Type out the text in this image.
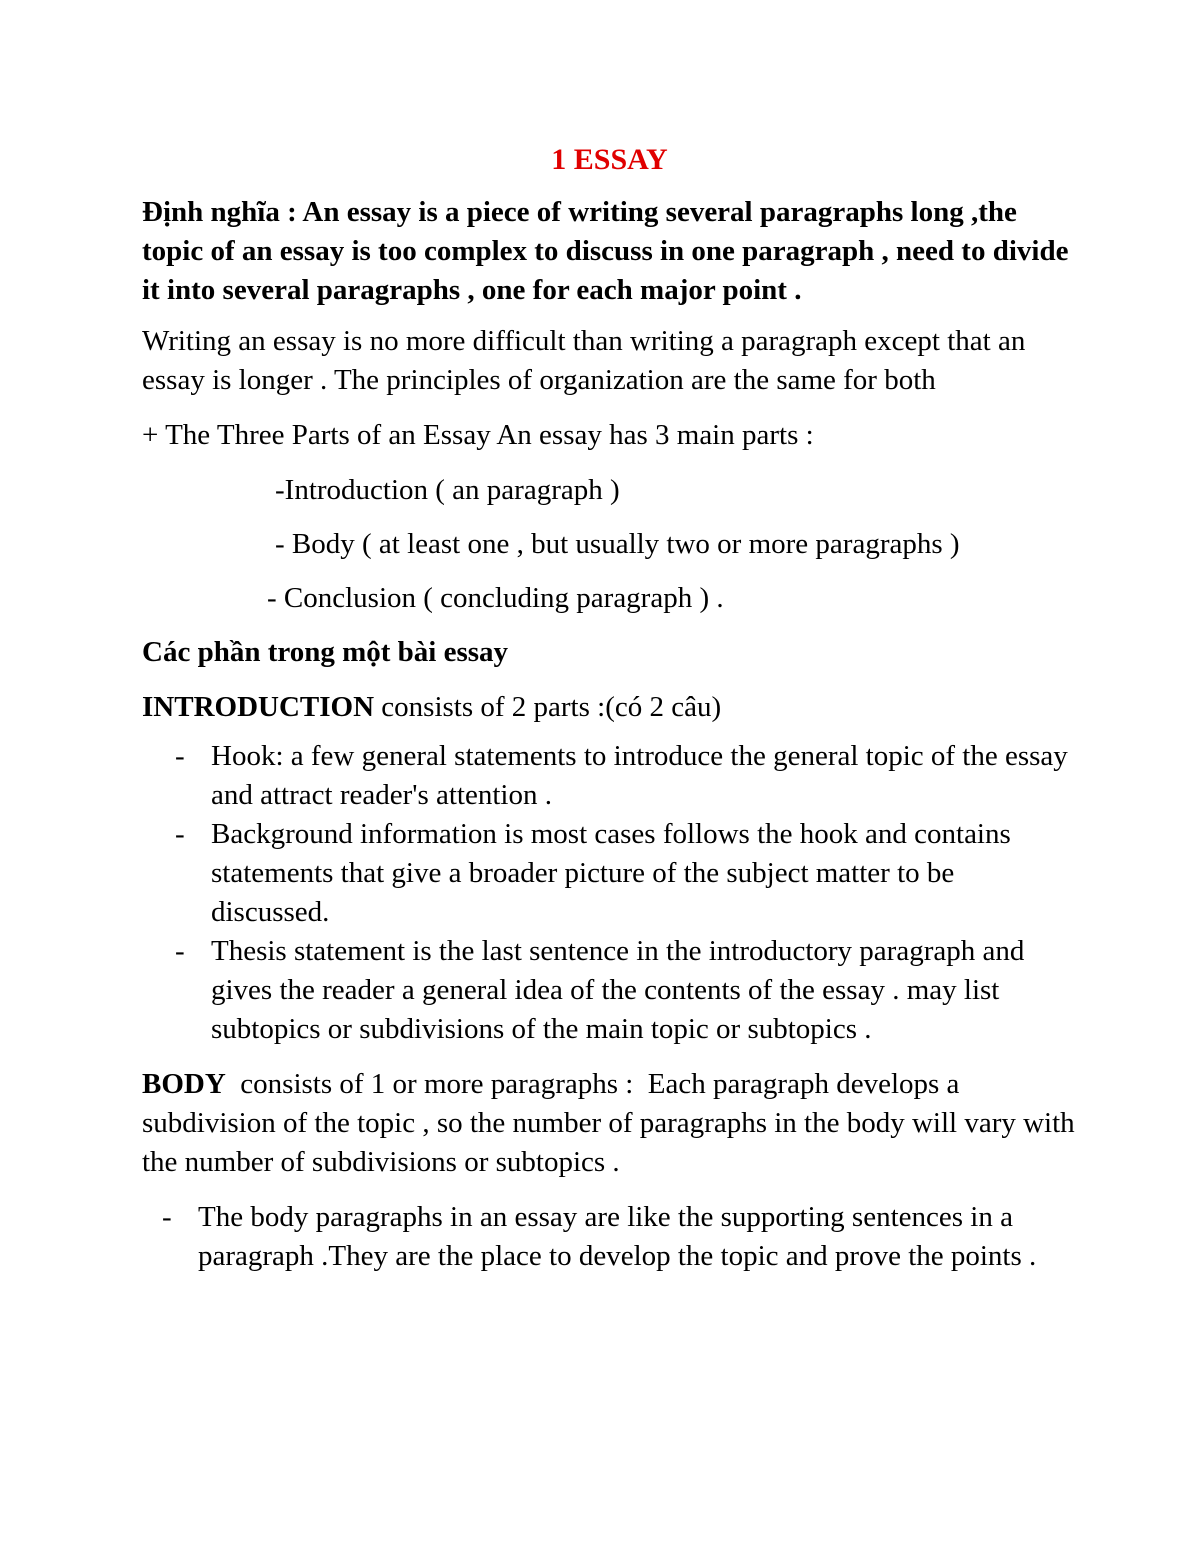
1 ESSAY
Định nghĩa : An essay is a piece of writing several paragraphs long ,the topic of an essay is too complex to discuss in one paragraph , need to divide it into several paragraphs , one for each major point .

Writing an essay is no more difficult than writing a paragraph except that an essay is longer . The principles of organization are the same for both

+ The Three Parts of an Essay An essay has 3 main parts :

-Introduction ( an paragraph )
- Body ( at least one , but usually two or more paragraphs )
- Conclusion ( concluding paragraph ) .
Các phần trong một bài essay

INTRODUCTION consists of 2 parts :(có 2 câu)

- Hook: a few general statements to introduce the general topic of the essay and attract reader's attention .
- Background information is most cases follows the hook and contains statements that give a broader picture of the subject matter to be discussed.
- Thesis statement is the last sentence in the introductory paragraph and gives the reader a general idea of the contents of the essay . may list subtopics or subdivisions of the main topic or subtopics .

BODY  consists of 1 or more paragraphs :  Each paragraph develops a subdivision of the topic , so the number of paragraphs in the body will vary with the number of subdivisions or subtopics .

- The body paragraphs in an essay are like the supporting sentences in a paragraph .They are the place to develop the topic and prove the points .
